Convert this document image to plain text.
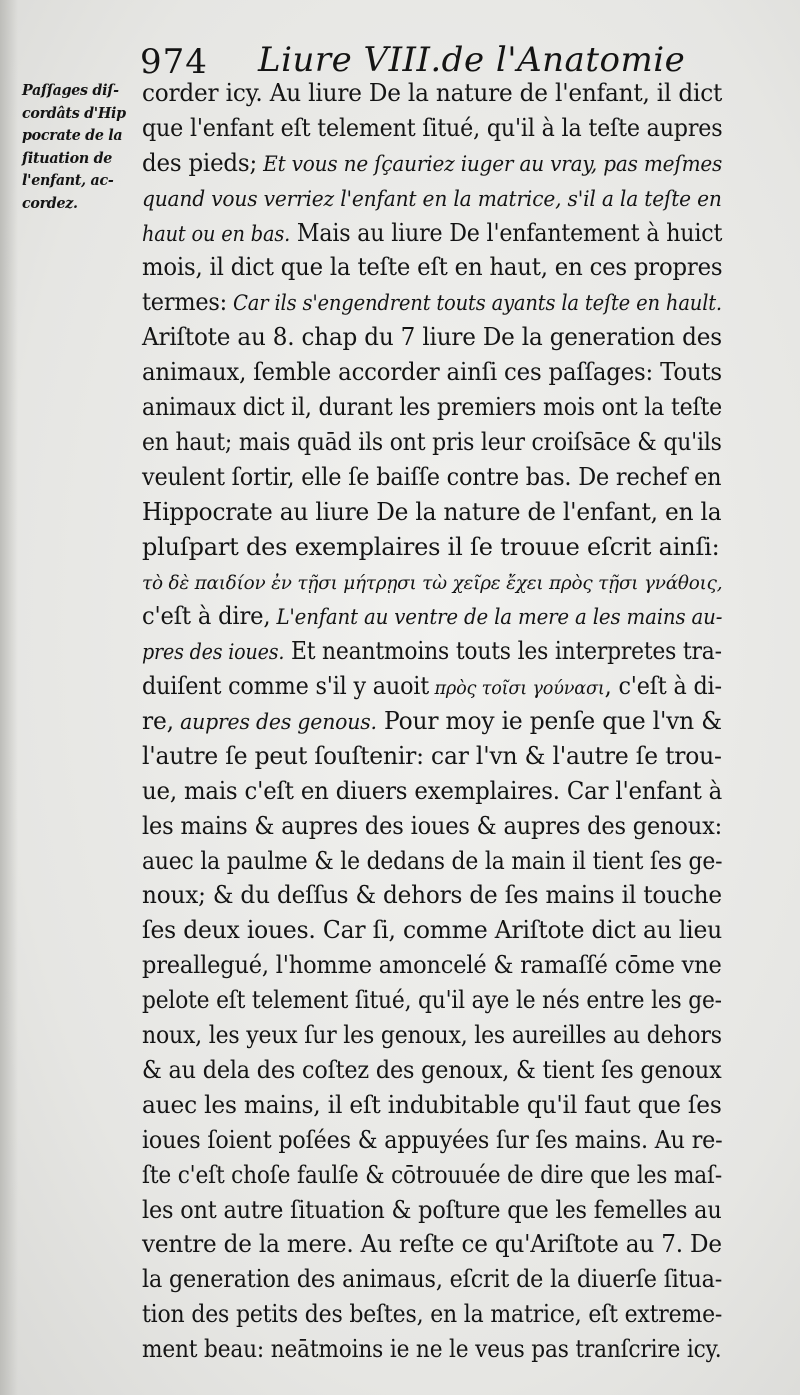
974 Liure VIII.de l'Anatomie
Paſſages diſ-
cordâts d'Hip
pocrate de la
ſituation de
l'enfant, ac-
cordez.
corder icy. Au liure De la nature de l'enfant, il dict
que l'enfant eſt telement ſitué, qu'il à la teſte aupres
des pieds; Et vous ne ſçauriez iuger au vray, pas meſmes
quand vous verriez l'enfant en la matrice, s'il a la teſte en
haut ou en bas. Mais au liure De l'enfantement à huict
mois, il dict que la teſte eſt en haut, en ces propres
termes: Car ils s'engendrent touts ayants la teſte en hault.
Ariſtote au 8. chap du 7 liure De la generation des
animaux, ſemble accorder ainſi ces paſſages: Touts
animaux dict il, durant les premiers mois ont la teſte
en haut; mais quād ils ont pris leur croiſsāce & qu'ils
veulent ſortir, elle ſe baiſſe contre bas. De rechef en
Hippocrate au liure De la nature de l'enfant, en la
pluſpart des exemplaires il ſe trouue eſcrit ainſi:
τὸ δὲ παιδίον ἐν τῇσι μήτρῃσι τὼ χεῖρε ἔχει πρὸς τῇσι γνάθοις,
c'eſt à dire, L'enfant au ventre de la mere a les mains au-
pres des ioues. Et neantmoins touts les interpretes tra-
duiſent comme s'il y auoit πρὸς τοῖσι γούνασι, c'eſt à di-
re, aupres des genous. Pour moy ie penſe que l'vn &
l'autre ſe peut ſouſtenir: car l'vn & l'autre ſe trou-
ue, mais c'eſt en diuers exemplaires. Car l'enfant à
les mains & aupres des ioues & aupres des genoux:
auec la paulme & le dedans de la main il tient ſes ge-
noux; & du deſſus & dehors de ſes mains il touche
ſes deux ioues. Car ſi, comme Ariſtote dict au lieu
preallegué, l'homme amoncelé & ramaſſé cōme vne
pelote eſt telement ſitué, qu'il aye le nés entre les ge-
noux, les yeux ſur les genoux, les aureilles au dehors
& au dela des coſtez des genoux, & tient ſes genoux
auec les mains, il eſt indubitable qu'il faut que ſes
ioues ſoient poſées & appuyées ſur ſes mains. Au re-
ſte c'eſt choſe faulſe & cōtrouuée de dire que les maſ-
les ont autre ſituation & poſture que les femelles au
ventre de la mere. Au reſte ce qu'Ariſtote au 7. De
la generation des animaus, eſcrit de la diuerſe ſitua-
tion des petits des beſtes, en la matrice, eſt extreme-
ment beau: neātmoins ie ne le veus pas tranſcrire icy.
